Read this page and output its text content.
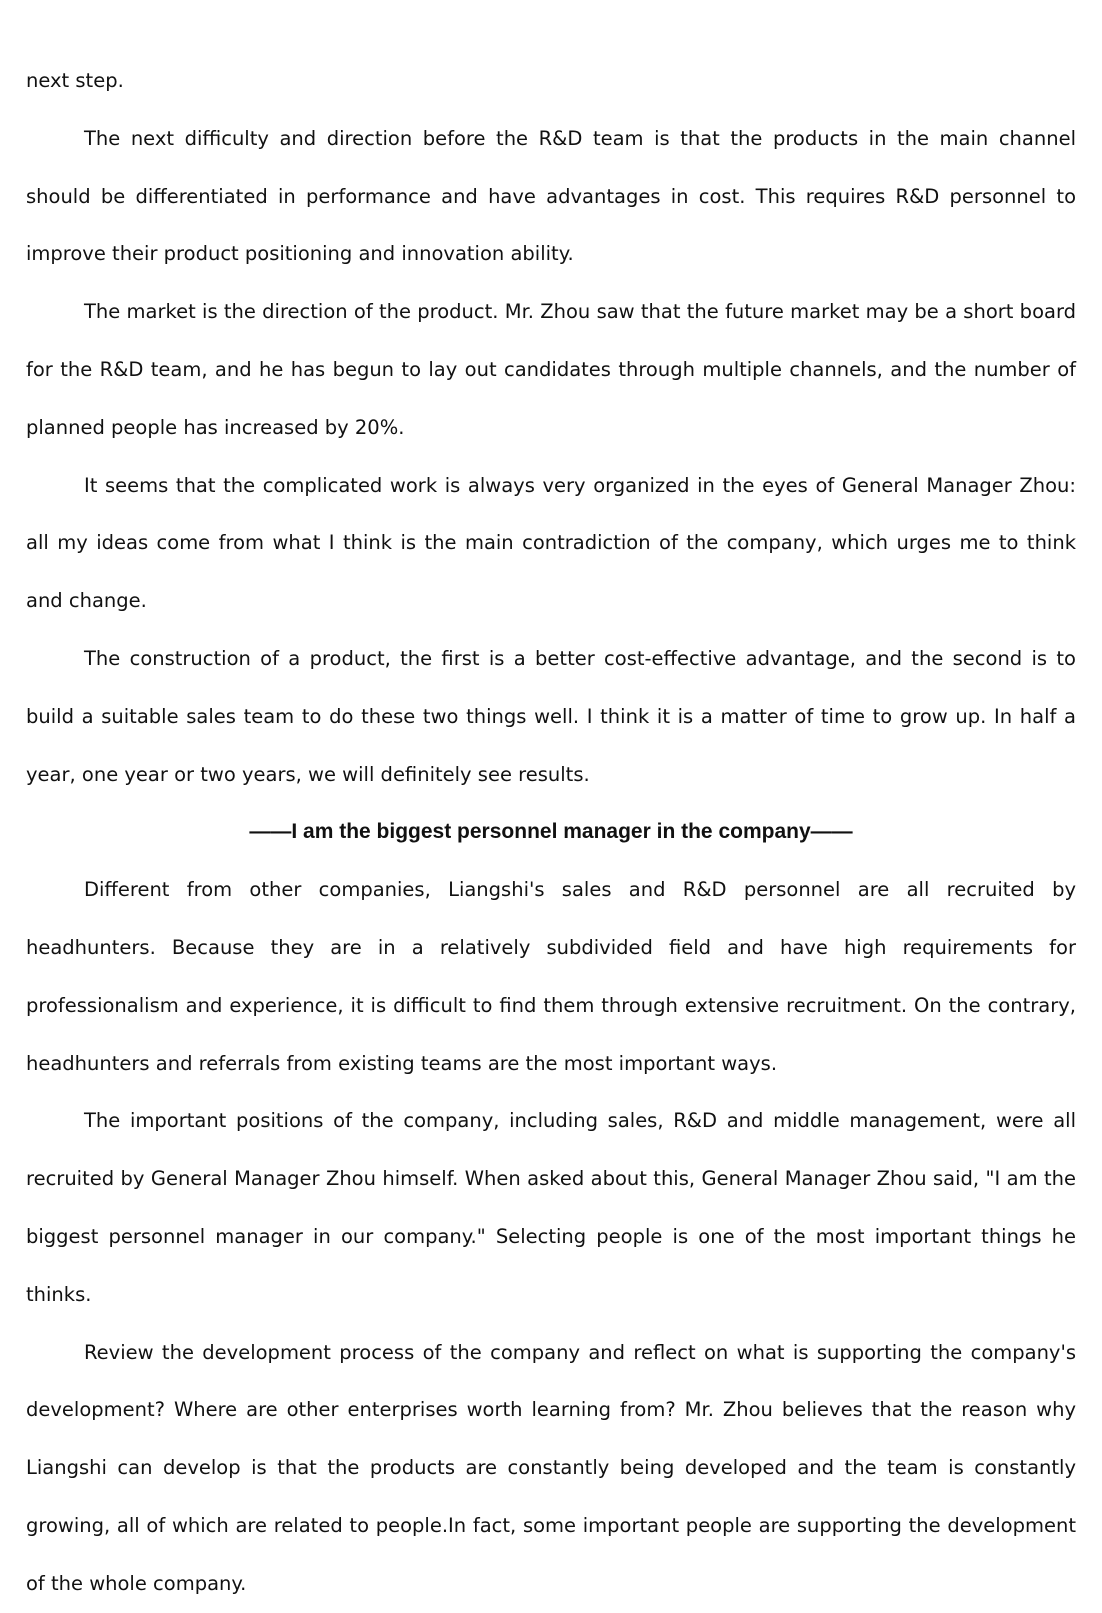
next step.

The next difficulty and direction before the R&D team is that the products in the main channel should be differentiated in performance and have advantages in cost. This requires R&D personnel to improve their product positioning and innovation ability.

The market is the direction of the product. Mr. Zhou saw that the future market may be a short board for the R&D team, and he has begun to lay out candidates through multiple channels, and the number of planned people has increased by 20%.

It seems that the complicated work is always very organized in the eyes of General Manager Zhou: all my ideas come from what I think is the main contradiction of the company, which urges me to think and change.

The construction of a product, the first is a better cost-effective advantage, and the second is to build a suitable sales team to do these two things well. I think it is a matter of time to grow up. In half a year, one year or two years, we will definitely see results.

——I am the biggest personnel manager in the company——

Different from other companies, Liangshi's sales and R&D personnel are all recruited by headhunters. Because they are in a relatively subdivided field and have high requirements for professionalism and experience, it is difficult to find them through extensive recruitment. On the contrary, headhunters and referrals from existing teams are the most important ways.

The important positions of the company, including sales, R&D and middle management, were all recruited by General Manager Zhou himself. When asked about this, General Manager Zhou said, "I am the biggest personnel manager in our company." Selecting people is one of the most important things he thinks.

Review the development process of the company and reflect on what is supporting the company's development? Where are other enterprises worth learning from? Mr. Zhou believes that the reason why Liangshi can develop is that the products are constantly being developed and the team is constantly growing, all of which are related to people.In fact, some important people are supporting the development of the whole company.
